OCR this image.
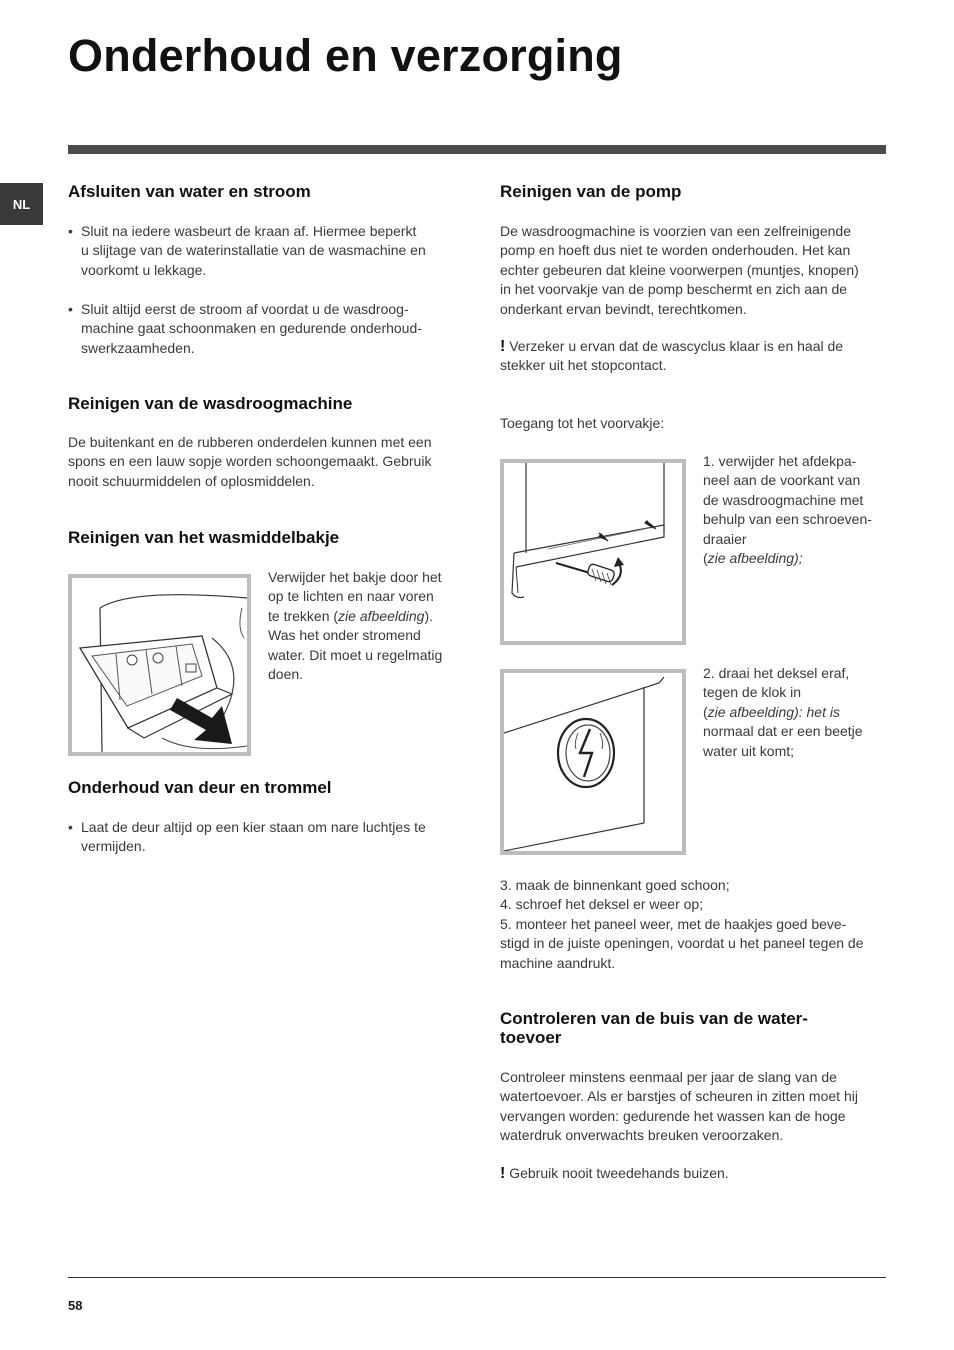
Onderhoud en verzorging
NL
Afsluiten van water en stroom
• Sluit na iedere wasbeurt de kraan af. Hiermee beperkt
u slijtage van de waterinstallatie van de wasmachine en
voorkomt u lekkage.
• Sluit altijd eerst de stroom af voordat u de wasdroog-
machine gaat schoonmaken en gedurende onderhoud-
swerkzaamheden.
Reinigen van de wasdroogmachine
De buitenkant en de rubberen onderdelen kunnen met een
spons en een lauw sopje worden schoongemaakt. Gebruik
nooit schuurmiddelen of oplosmiddelen.
Reinigen van het wasmiddelbakje
Verwijder het bakje door het
op te lichten en naar voren
te trekken (zie afbeelding).
Was het onder stromend
water. Dit moet u regelmatig
doen.
Onderhoud van deur en trommel
• Laat de deur altijd op een kier staan om nare luchtjes te
vermijden.
Reinigen van de pomp
De wasdroogmachine is voorzien van een zelfreinigende
pomp en hoeft dus niet te worden onderhouden. Het kan
echter gebeuren dat kleine voorwerpen (muntjes, knopen)
in het voorvakje van de pomp beschermt en zich aan de
onderkant ervan bevindt, terechtkomen.
! Verzeker u ervan dat de wascyclus klaar is en haal de
stekker uit het stopcontact.
Toegang tot het voorvakje:
1. verwijder het afdekpa-
neel aan de voorkant van
de wasdroogmachine met
behulp van een schroeven-
draaier
(zie afbeelding);
2. draai het deksel eraf,
tegen de klok in
(zie afbeelding): het is
normaal dat er een beetje
water uit komt;
3. maak de binnenkant goed schoon;
4. schroef het deksel er weer op;
5. monteer het paneel weer, met de haakjes goed beve-
stigd in de juiste openingen, voordat u het paneel tegen de
machine aandrukt.
Controleren van de buis van de water-
toevoer
Controleer minstens eenmaal per jaar de slang van de
watertoevoer. Als er barstjes of scheuren in zitten moet hij
vervangen worden: gedurende het wassen kan de hoge
waterdruk onverwachts breuken veroorzaken.
! Gebruik nooit tweedehands buizen.
58
